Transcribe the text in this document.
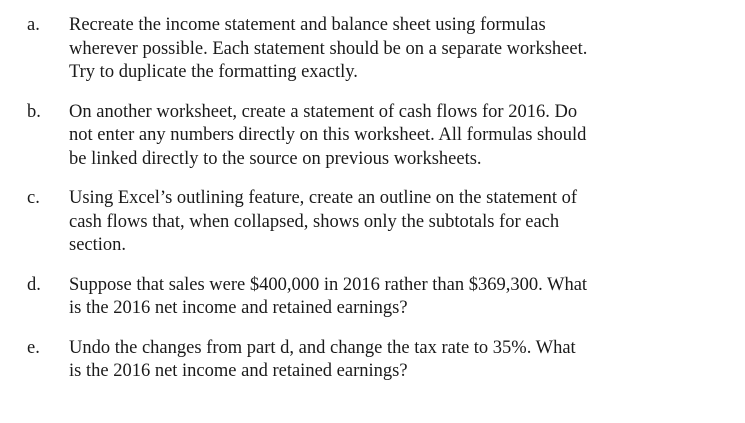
a.	Recreate the income statement and balance sheet using formulas
wherever possible. Each statement should be on a separate worksheet.
Try to duplicate the formatting exactly.
b.	On another worksheet, create a statement of cash flows for 2016. Do
not enter any numbers directly on this worksheet. All formulas should
be linked directly to the source on previous worksheets.
c.	Using Excel’s outlining feature, create an outline on the statement of
cash flows that, when collapsed, shows only the subtotals for each
section.
d.	Suppose that sales were $400,000 in 2016 rather than $369,300. What
is the 2016 net income and retained earnings?
e.	Undo the changes from part d, and change the tax rate to 35%. What
is the 2016 net income and retained earnings?
